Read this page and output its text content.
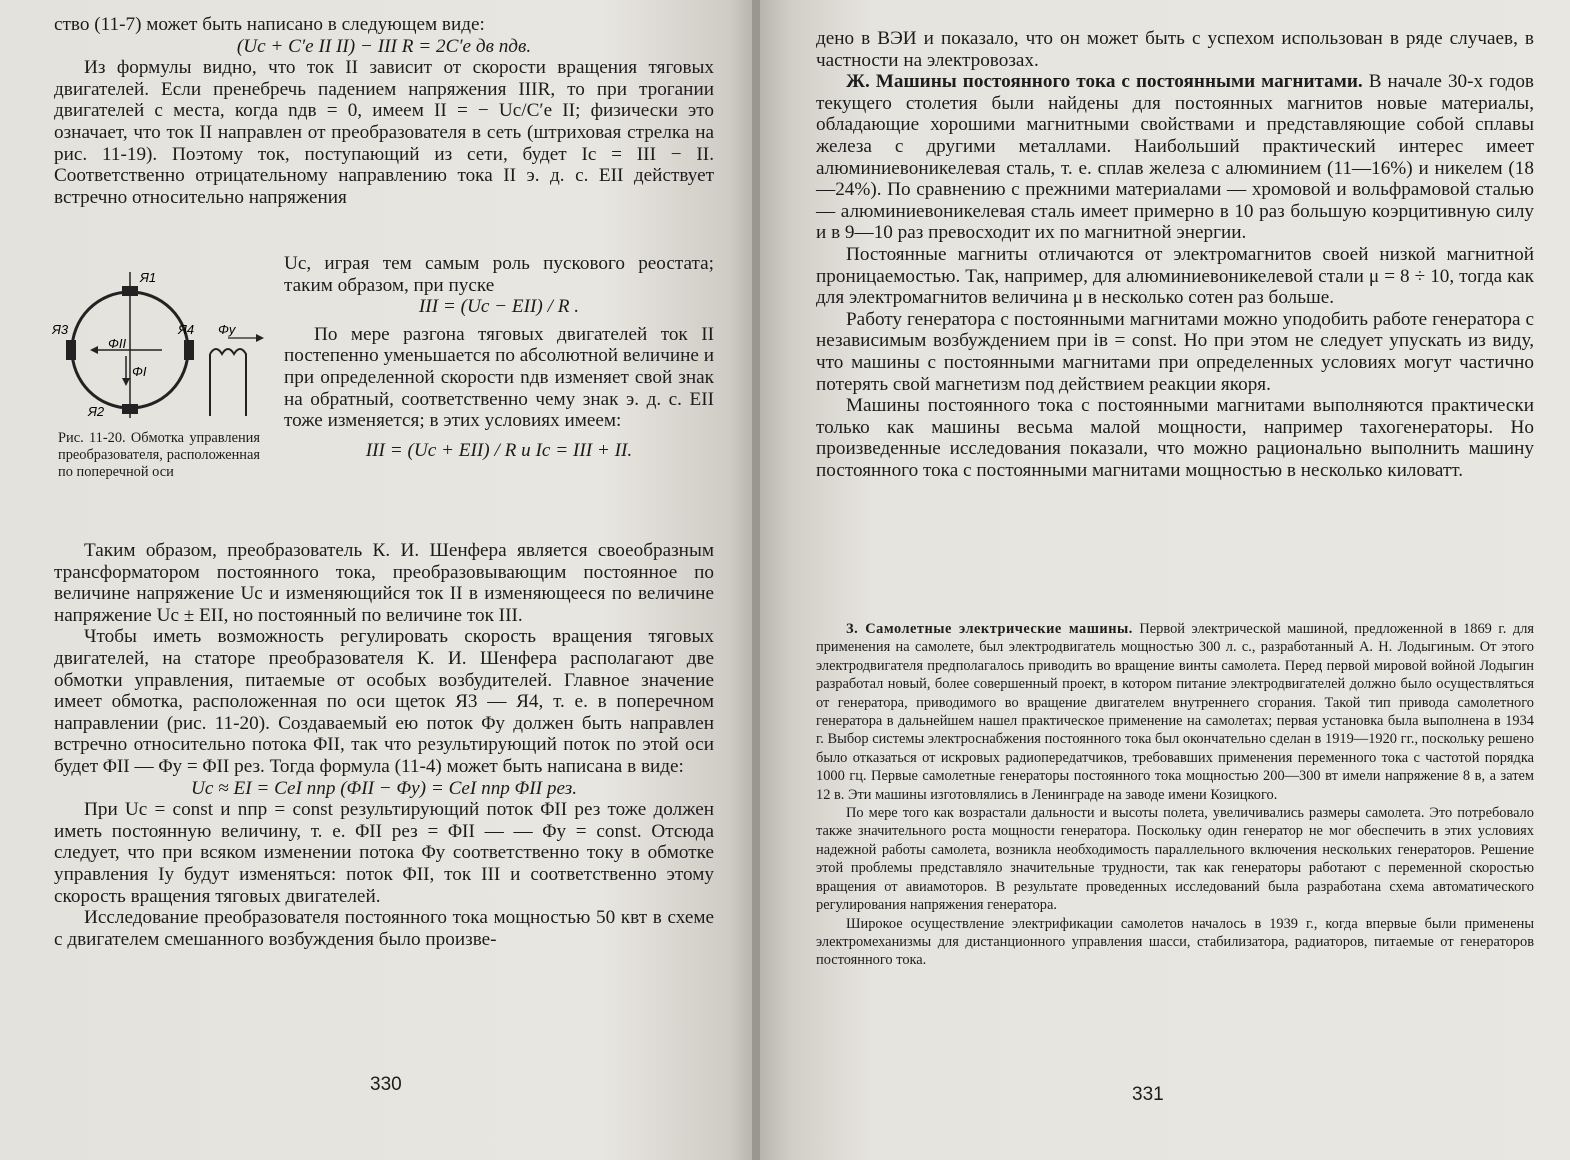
ство (11-7) может быть написано в следующем виде:

(Uс + C′e II II) − III R = 2C′e дв nдв.

Из формулы видно, что ток II зависит от скорости вращения тяговых двигателей. Если пренебречь падением напряжения IIIR, то при трогании двигателей с места, когда nдв = 0, имеем II = − Uс/C′e II; физически это означает, что ток II направлен от преобразователя в сеть (штриховая стрелка на рис. 11-19). Поэтому ток, поступающий из сети, будет Iс = III − II. Соответственно отрицательному направлению тока II э. д. с. EII действует встречно относительно напряжения

Я1
Я2
Я3	Я4
ΦII
ΦI
Φу
Рис. 11-20. Обмотка управления преобразователя, расположенная по поперечной оси

Uс, играя тем самым роль пускового реостата; таким образом, при пуске

III = (Uс − EII) / R .

По мере разгона тяговых двигателей ток II постепенно уменьшается по абсолютной величине и при определенной скорости nдв изменяет свой знак на обратный, соответственно чему знак э. д. с. EII тоже изменяется; в этих условиях имеем:

III = (Uс + EII) / R и Iс = III + II.

Таким образом, преобразователь К. И. Шенфера является своеобразным трансформатором постоянного тока, преобразовывающим постоянное по величине напряжение Uс и изменяющийся ток II в изменяющееся по величине напряжение Uс ± EII, но постоянный по величине ток III.

Чтобы иметь возможность регулировать скорость вращения тяговых двигателей, на статоре преобразователя К. И. Шенфера располагают две обмотки управления, питаемые от особых возбудителей. Главное значение имеет обмотка, расположенная по оси щеток Я3 — Я4, т. е. в поперечном направлении (рис. 11-20). Создаваемый ею поток Φу должен быть направлен встречно относительно потока ΦII, так что результирующий поток по этой оси будет ΦII — Φу = ΦII рез. Тогда формула (11-4) может быть написана в виде:

Uс ≈ EI = CeI nпр (ΦII − Φу) = CeI nпр ΦII рез.

При Uс = const и nпр = const результирующий поток ΦII рез тоже должен иметь постоянную величину, т. е. ΦII рез = ΦII — — Φу = const. Отсюда следует, что при всяком изменении потока Φу соответственно току в обмотке управления Iу будут изменяться: поток ΦII, ток III и соответственно этому скорость вращения тяговых двигателей.

Исследование преобразователя постоянного тока мощностью 50 квт в схеме с двигателем смешанного возбуждения было произве-

330

дено в ВЭИ и показало, что он может быть с успехом использован в ряде случаев, в частности на электровозах.

Ж. Машины постоянного тока с постоянными магнитами. В начале 30-х годов текущего столетия были найдены для постоянных магнитов новые материалы, обладающие хорошими магнитными свойствами и представляющие собой сплавы железа с другими металлами. Наибольший практический интерес имеет алюминиевоникелевая сталь, т. е. сплав железа с алюминием (11—16%) и никелем (18—24%). По сравнению с прежними материалами — хромовой и вольфрамовой сталью — алюминиевоникелевая сталь имеет примерно в 10 раз большую коэрцитивную силу и в 9—10 раз превосходит их по магнитной энергии.

Постоянные магниты отличаются от электромагнитов своей низкой магнитной проницаемостью. Так, например, для алюминиевоникелевой стали μ = 8 ÷ 10, тогда как для электромагнитов величина μ в несколько сотен раз больше.

Работу генератора с постоянными магнитами можно уподобить работе генератора с независимым возбуждением при iв = const. Но при этом не следует упускать из виду, что машины с постоянными магнитами при определенных условиях могут частично потерять свой магнетизм под действием реакции якоря.

Машины постоянного тока с постоянными магнитами выполняются практически только как машины весьма малой мощности, например тахогенераторы. Но произведенные исследования показали, что можно рационально выполнить машину постоянного тока с постоянными магнитами мощностью в несколько киловатт.

З. Самолетные электрические машины. Первой электрической машиной, предложенной в 1869 г. для применения на самолете, был электродвигатель мощностью 300 л. с., разработанный А. Н. Лодыгиным. От этого электродвигателя предполагалось приводить во вращение винты самолета. Перед первой мировой войной Лодыгин разработал новый, более совершенный проект, в котором питание электродвигателей должно было осуществляться от генератора, приводимого во вращение двигателем внутреннего сгорания. Такой тип привода самолетного генератора в дальнейшем нашел практическое применение на самолетах; первая установка была выполнена в 1934 г. Выбор системы электроснабжения постоянного тока был окончательно сделан в 1919—1920 гг., поскольку решено было отказаться от искровых радиопередатчиков, требовавших применения переменного тока с частотой порядка 1000 гц. Первые самолетные генераторы постоянного тока мощностью 200—300 вт имели напряжение 8 в, а затем 12 в. Эти машины изготовлялись в Ленинграде на заводе имени Козицкого.

По мере того как возрастали дальности и высоты полета, увеличивались размеры самолета. Это потребовало также значительного роста мощности генератора. Поскольку один генератор не мог обеспечить в этих условиях надежной работы самолета, возникла необходимость параллельного включения нескольких генераторов. Решение этой проблемы представляло значительные трудности, так как генераторы работают с переменной скоростью вращения от авиамоторов. В результате проведенных исследований была разработана схема автоматического регулирования напряжения генератора.

Широкое осуществление электрификации самолетов началось в 1939 г., когда впервые были применены электромеханизмы для дистанционного управления шасси, стабилизатора, радиаторов, питаемые от генераторов постоянного тока.

331
